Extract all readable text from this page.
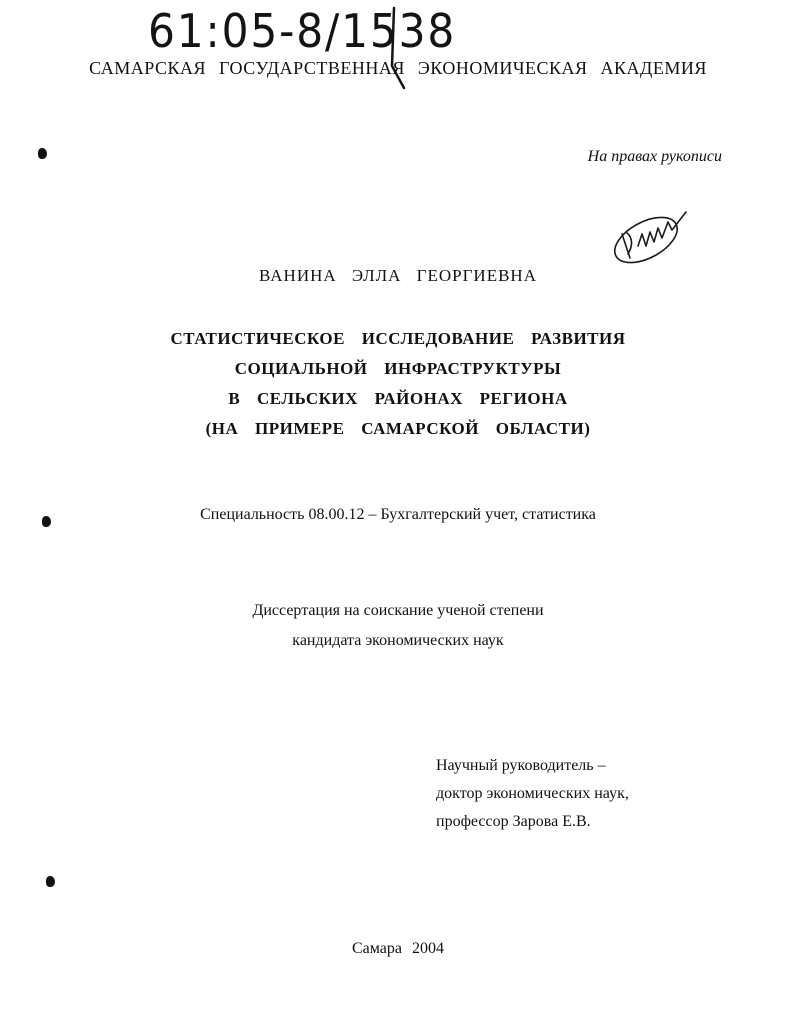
61:05-8/1538
САМАРСКАЯ ГОСУДАРСТВЕННАЯ ЭКОНОМИЧЕСКАЯ АКАДЕМИЯ
На правах рукописи
ВАНИНА ЭЛЛА ГЕОРГИЕВНА
СТАТИСТИЧЕСКОЕ ИССЛЕДОВАНИЕ РАЗВИТИЯ
СОЦИАЛЬНОЙ ИНФРАСТРУКТУРЫ
В СЕЛЬСКИХ РАЙОНАХ РЕГИОНА
(НА ПРИМЕРЕ САМАРСКОЙ ОБЛАСТИ)
Специальность 08.00.12 – Бухгалтерский учет, статистика
Диссертация на соискание ученой степени
кандидата экономических наук
Научный руководитель –
доктор экономических наук,
профессор Зарова Е.В.
Самара 2004
